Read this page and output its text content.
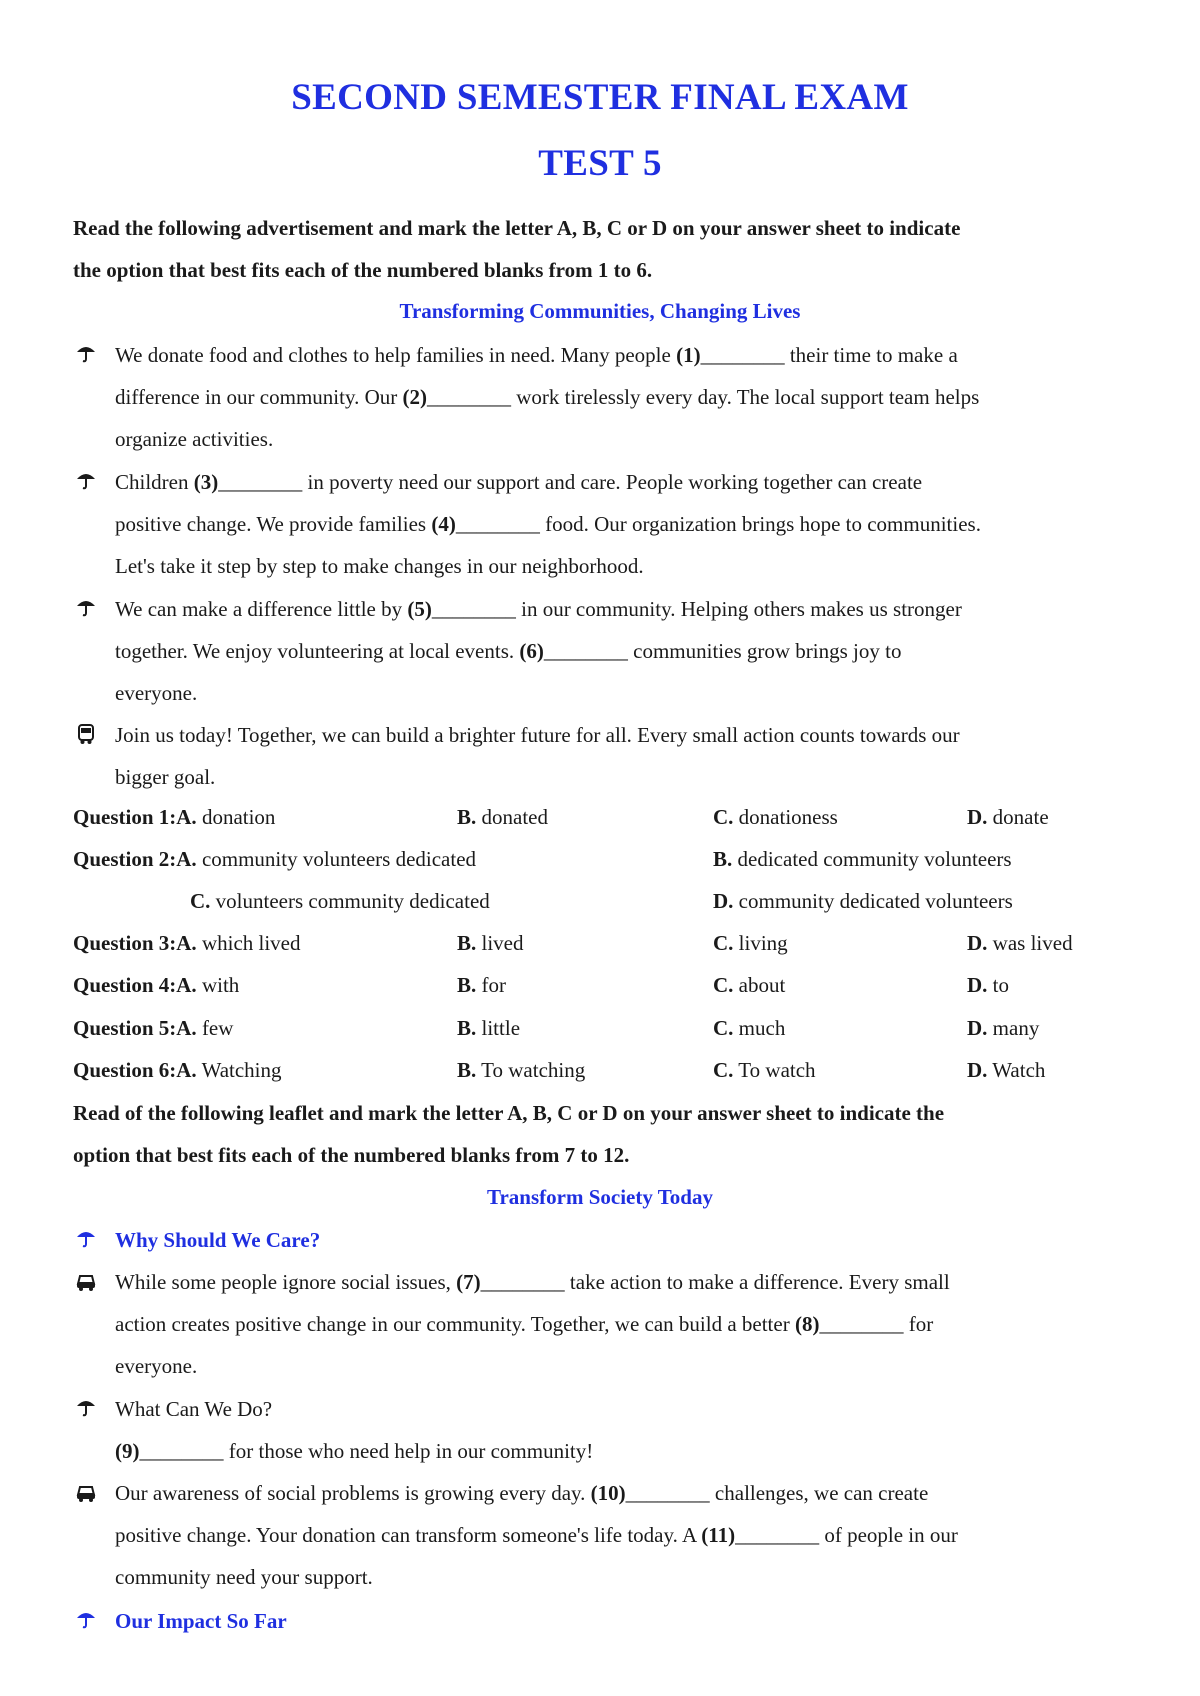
SECOND SEMESTER FINAL EXAM
TEST 5
Read the following advertisement and mark the letter A, B, C or D on your answer sheet to indicate
the option that best fits each of the numbered blanks from 1 to 6.
Transforming Communities, Changing Lives
We donate food and clothes to help families in need. Many people (1)________ their time to make a
difference in our community. Our (2)________ work tirelessly every day. The local support team helps
organize activities.
Children (3)________ in poverty need our support and care. People working together can create
positive change. We provide families (4)________ food. Our organization brings hope to communities.
Let's take it step by step to make changes in our neighborhood.
We can make a difference little by (5)________ in our community. Helping others makes us stronger
together. We enjoy volunteering at local events. (6)________ communities grow brings joy to
everyone.
Join us today! Together, we can build a brighter future for all. Every small action counts towards our
bigger goal.
Question 1:A. donation	B. donated	C. donationess	D. donate
Question 2:A. community volunteers dedicated	B. dedicated community volunteers
C. volunteers community dedicated	D. community dedicated volunteers
Question 3:A. which lived	B. lived	C. living	D. was lived
Question 4:A. with	B. for	C. about	D. to
Question 5:A. few	B. little	C. much	D. many
Question 6:A. Watching	B. To watching	C. To watch	D. Watch
Read of the following leaflet and mark the letter A, B, C or D on your answer sheet to indicate the
option that best fits each of the numbered blanks from 7 to 12.
Transform Society Today
Why Should We Care?
While some people ignore social issues, (7)________ take action to make a difference. Every small
action creates positive change in our community. Together, we can build a better (8)________ for
everyone.
What Can We Do?
(9)________ for those who need help in our community!
Our awareness of social problems is growing every day. (10)________ challenges, we can create
positive change. Your donation can transform someone's life today. A (11)________ of people in our
community need your support.
Our Impact So Far
